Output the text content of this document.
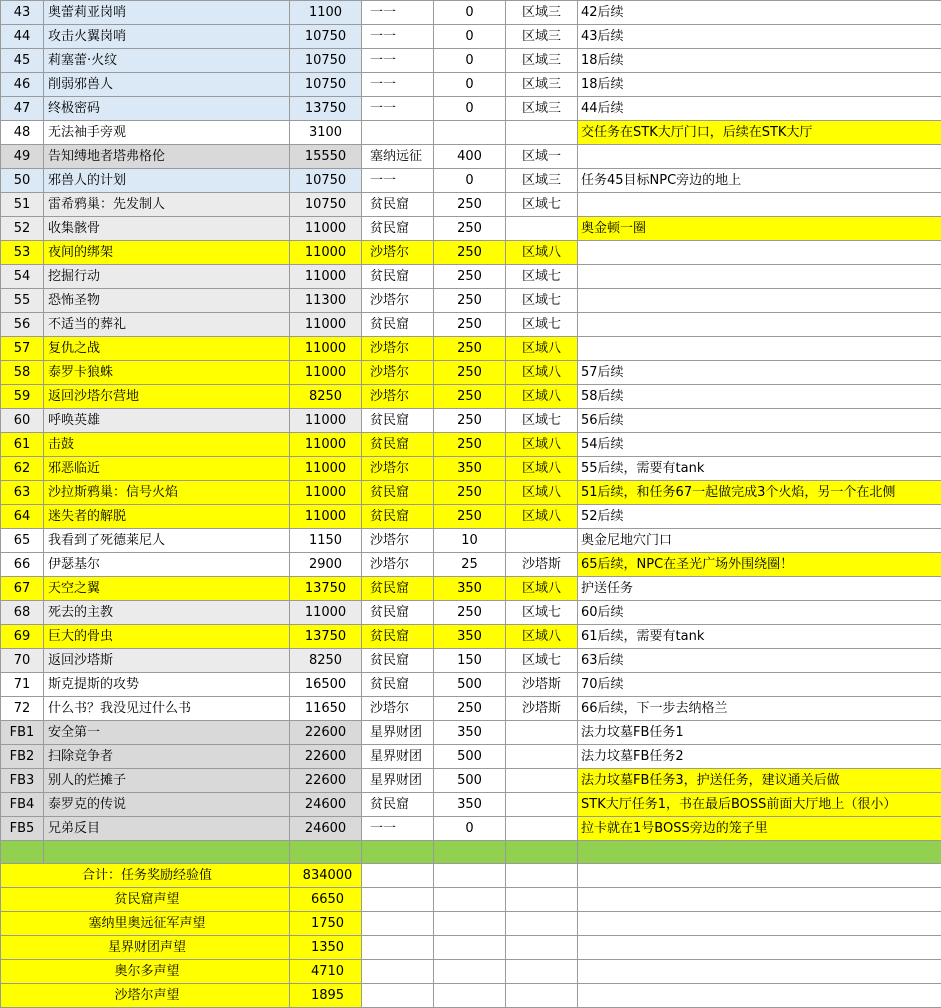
43	奥蕾莉亚岗哨	1100	一一	0	区域三	42后续
44	攻击火翼岗哨	10750	一一	0	区域三	43后续
45	莉塞蕾·火纹	10750	一一	0	区域三	18后续
46	削弱邪兽人	10750	一一	0	区域三	18后续
47	终极密码	13750	一一	0	区域三	44后续
48	无法袖手旁观	3100				交任务在STK大厅门口，后续在STK大厅
49	告知缚地者塔弗格伦	15550	塞纳远征	400	区域一	
50	邪兽人的计划	10750	一一	0	区域三	任务45目标NPC旁边的地上
51	雷希鸦巢：先发制人	10750	贫民窟	250	区域七	
52	收集骸骨	11000	贫民窟	250		奥金顿一圈
53	夜间的绑架	11000	沙塔尔	250	区域八	
54	挖掘行动	11000	贫民窟	250	区域七	
55	恐怖圣物	11300	沙塔尔	250	区域七	
56	不适当的葬礼	11000	贫民窟	250	区域七	
57	复仇之战	11000	沙塔尔	250	区域八	
58	泰罗卡狼蛛	11000	沙塔尔	250	区域八	57后续
59	返回沙塔尔营地	8250	沙塔尔	250	区域八	58后续
60	呼唤英雄	11000	贫民窟	250	区域七	56后续
61	击鼓	11000	贫民窟	250	区域八	54后续
62	邪恶临近	11000	沙塔尔	350	区域八	55后续，需要有tank
63	沙拉斯鸦巢：信号火焰	11000	贫民窟	250	区域八	51后续，和任务67一起做完成3个火焰，另一个在北侧
64	迷失者的解脱	11000	贫民窟	250	区域八	52后续
65	我看到了死德莱尼人	1150	沙塔尔	10		奥金尼地穴门口
66	伊瑟基尔	2900	沙塔尔	25	沙塔斯	65后续，NPC在圣光广场外围绕圈！
67	天空之翼	13750	贫民窟	350	区域八	护送任务
68	死去的主教	11000	贫民窟	250	区域七	60后续
69	巨大的骨虫	13750	贫民窟	350	区域八	61后续，需要有tank
70	返回沙塔斯	8250	贫民窟	150	区域七	63后续
71	斯克提斯的攻势	16500	贫民窟	500	沙塔斯	70后续
72	什么书？我没见过什么书	11650	沙塔尔	250	沙塔斯	66后续，下一步去纳格兰
FB1	安全第一	22600	星界财团	350		法力坟墓FB任务1
FB2	扫除竞争者	22600	星界财团	500		法力坟墓FB任务2
FB3	别人的烂摊子	22600	星界财团	500		法力坟墓FB任务3，护送任务，建议通关后做
FB4	泰罗克的传说	24600	贫民窟	350		STK大厅任务1，书在最后BOSS前面大厅地上（很小）
FB5	兄弟反目	24600	一一	0		拉卡就在1号BOSS旁边的笼子里

合计：任务奖励经验值		834000				
贫民窟声望		6650				
塞纳里奥远征军声望		1750				
星界财团声望		1350				
奥尔多声望		4710				
沙塔尔声望		1895				
